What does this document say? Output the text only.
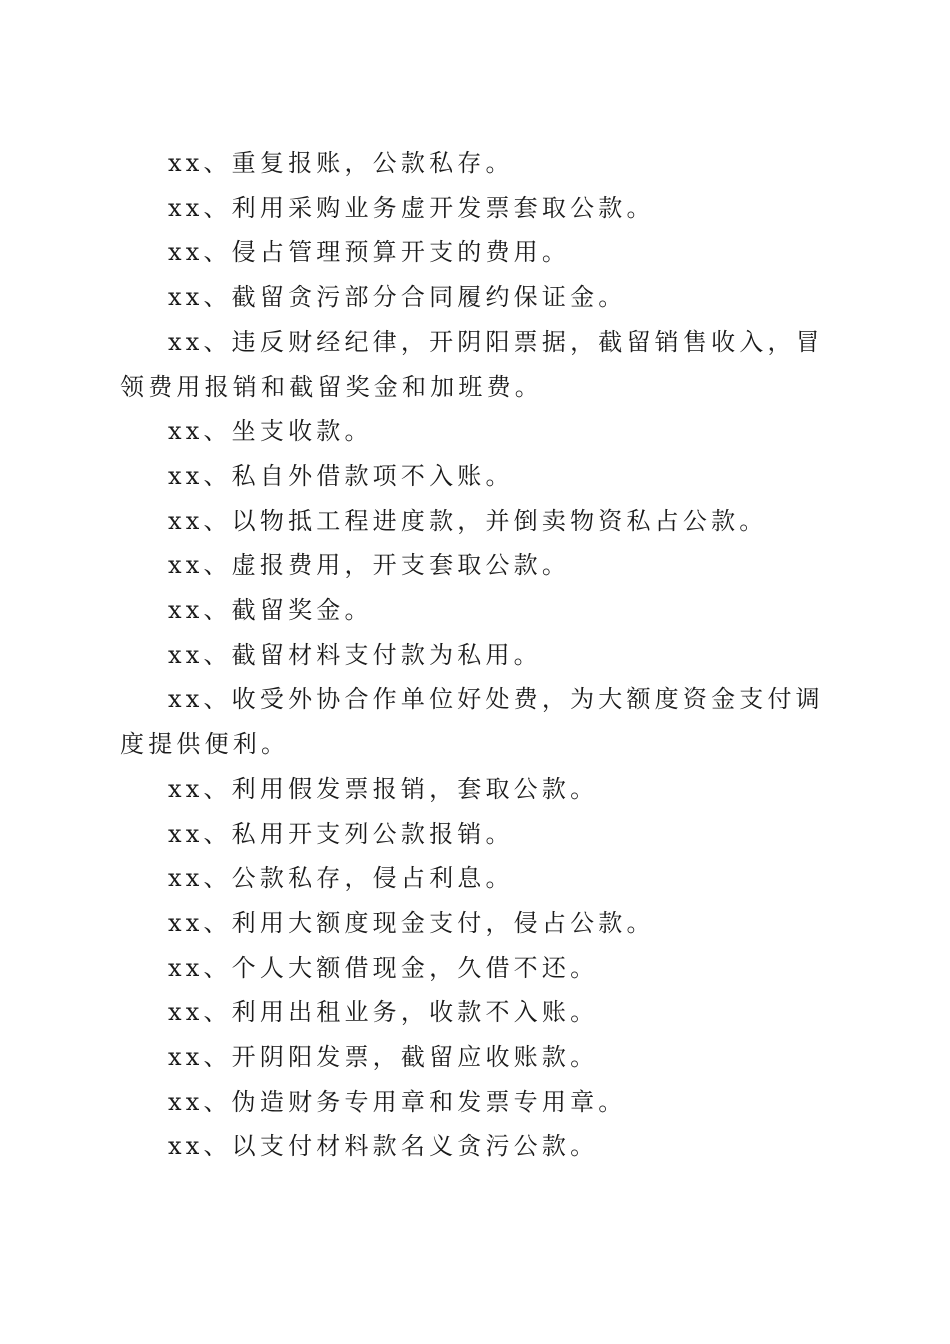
xx、重复报账，公款私存。

xx、利用采购业务虚开发票套取公款。

xx、侵占管理预算开支的费用。

xx、截留贪污部分合同履约保证金。

xx、违反财经纪律，开阴阳票据，截留销售收入，冒领费用报销和截留奖金和加班费。

xx、坐支收款。

xx、私自外借款项不入账。

xx、以物抵工程进度款，并倒卖物资私占公款。

xx、虚报费用，开支套取公款。

xx、截留奖金。

xx、截留材料支付款为私用。

xx、收受外协合作单位好处费，为大额度资金支付调度提供便利。

xx、利用假发票报销，套取公款。

xx、私用开支列公款报销。

xx、公款私存，侵占利息。

xx、利用大额度现金支付，侵占公款。

xx、个人大额借现金，久借不还。

xx、利用出租业务，收款不入账。

xx、开阴阳发票，截留应收账款。

xx、伪造财务专用章和发票专用章。

xx、以支付材料款名义贪污公款。
